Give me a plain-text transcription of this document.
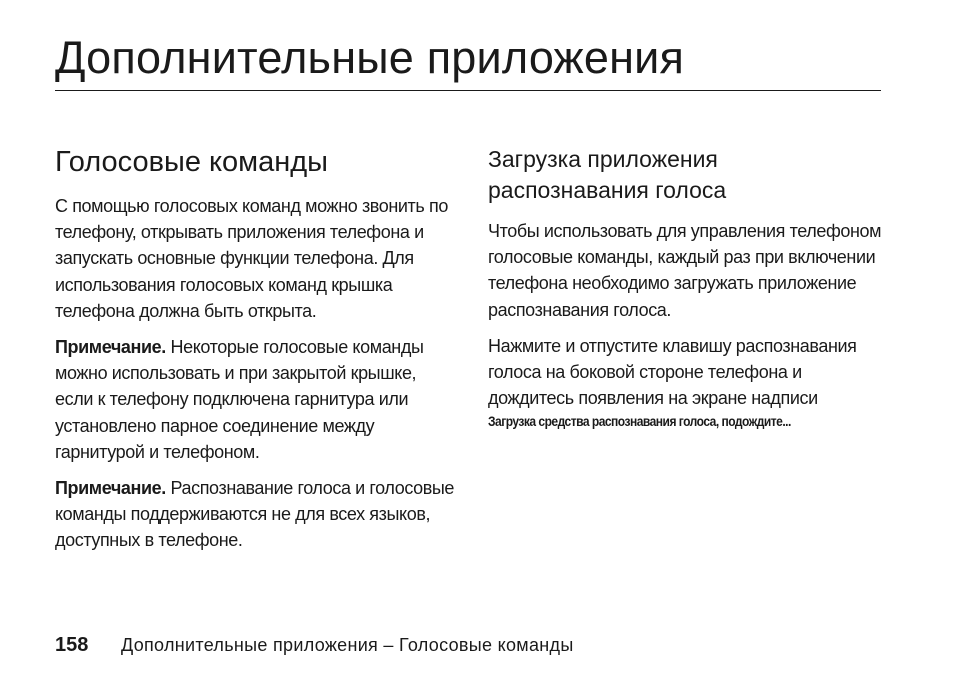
Дополнительные приложения
Голосовые команды

С помощью голосовых команд можно звонить по телефону, открывать приложения телефона и запускать основные функции телефона. Для использования голосовых команд крышка телефона должна быть открыта.

Примечание. Некоторые голосовые команды можно использовать и при закрытой крышке, если к телефону подключена гарнитура или установлено парное соединение между гарнитурой и телефоном.

Примечание. Распознавание голоса и голосовые команды поддерживаются не для всех языков, доступных в телефоне.

Загрузка приложения распознавания голоса

Чтобы использовать для управления телефоном голосовые команды, каждый раз при включении телефона необходимо загружать приложение распознавания голоса.

Нажмите и отпустите клавишу распознавания голоса на боковой стороне телефона и дождитесь появления на экране надписи
Загрузка средства распознавания голоса, подождите...

158	Дополнительные приложения – Голосовые команды
